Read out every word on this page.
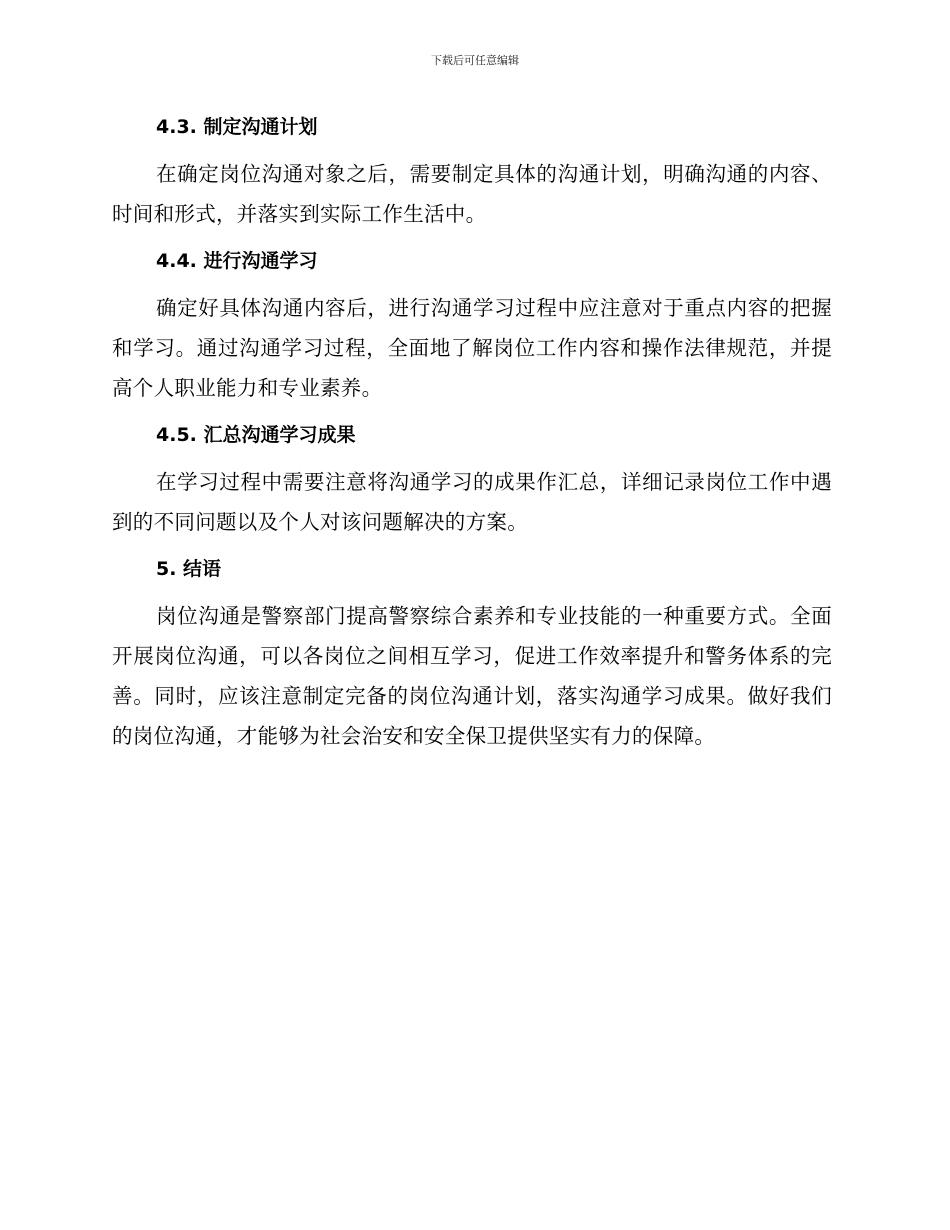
下载后可任意编辑
4.3. 制定沟通计划

在确定岗位沟通对象之后，需要制定具体的沟通计划，明确沟通的内容、时间和形式，并落实到实际工作生活中。

4.4. 进行沟通学习

确定好具体沟通内容后，进行沟通学习过程中应注意对于重点内容的把握和学习。通过沟通学习过程，全面地了解岗位工作内容和操作法律规范，并提高个人职业能力和专业素养。

4.5. 汇总沟通学习成果

在学习过程中需要注意将沟通学习的成果作汇总，详细记录岗位工作中遇到的不同问题以及个人对该问题解决的方案。

5. 结语

岗位沟通是警察部门提高警察综合素养和专业技能的一种重要方式。全面开展岗位沟通，可以各岗位之间相互学习，促进工作效率提升和警务体系的完善。同时，应该注意制定完备的岗位沟通计划，落实沟通学习成果。做好我们的岗位沟通，才能够为社会治安和安全保卫提供坚实有力的保障。
